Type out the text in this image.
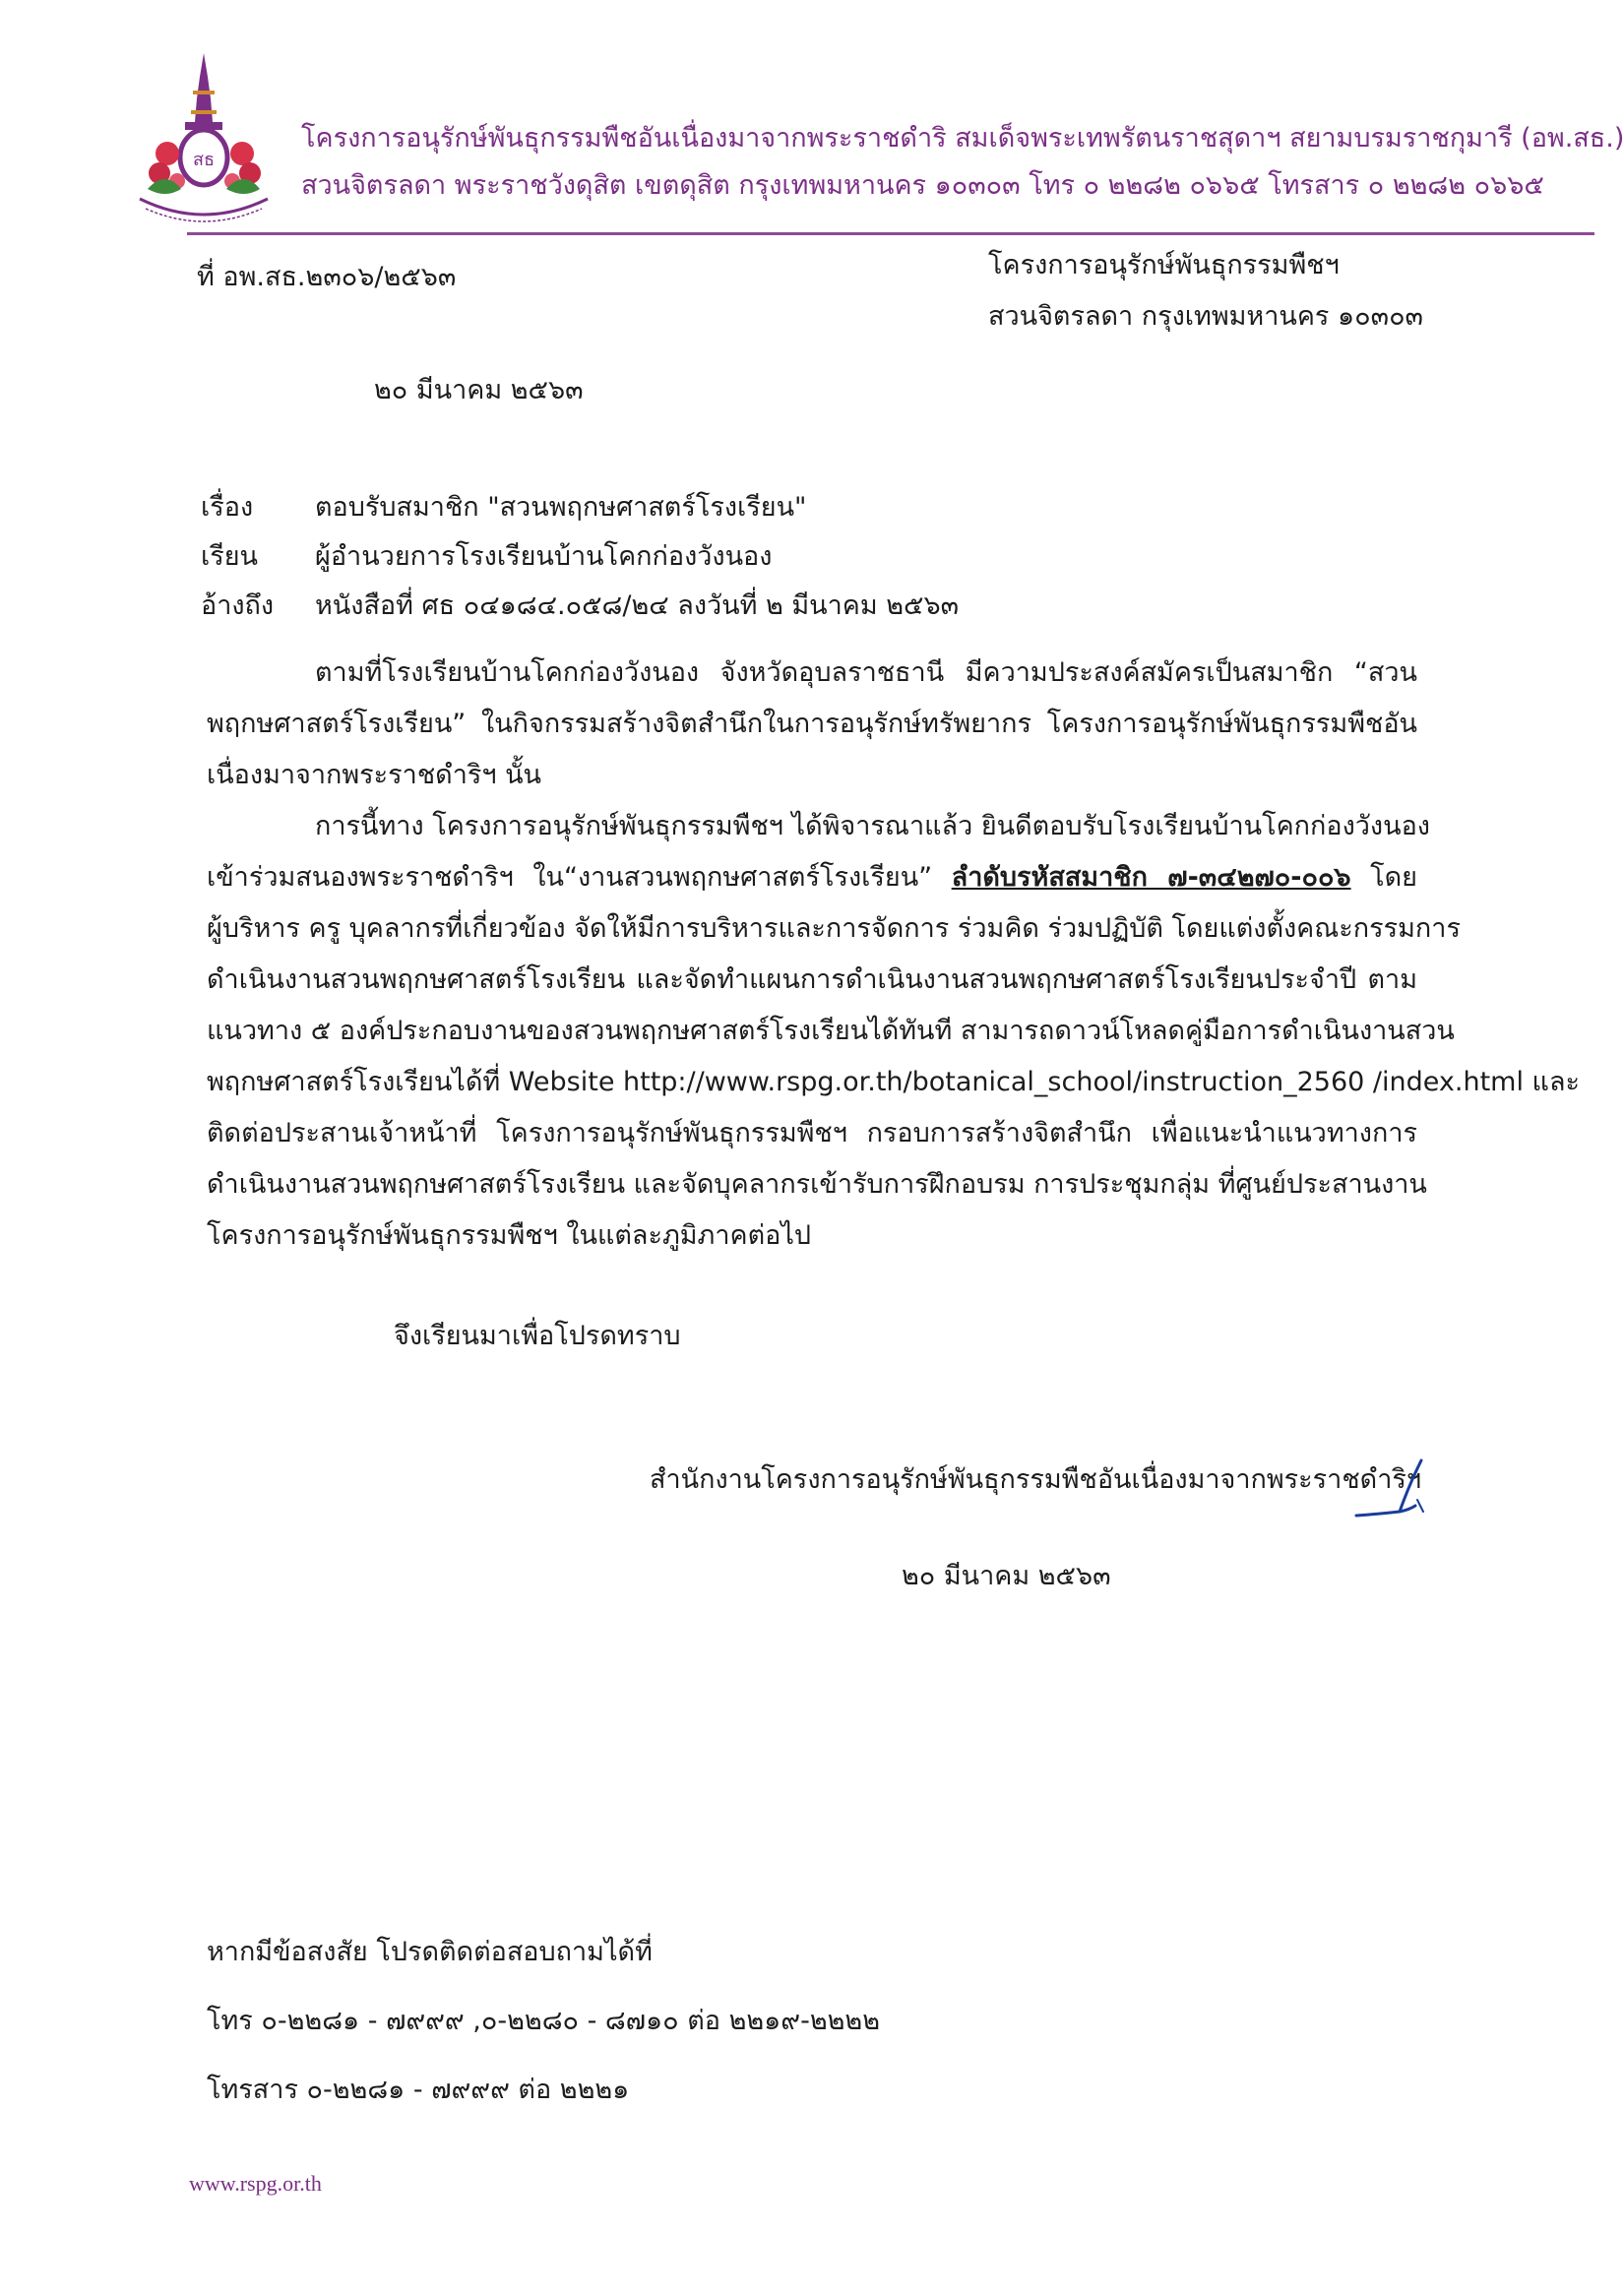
สธ
โครงการอนุรักษ์พันธุกรรมพืชอันเนื่องมาจากพระราชดำริ สมเด็จพระเทพรัตนราชสุดาฯ สยามบรมราชกุมารี (อพ.สธ.)
สวนจิตรลดา พระราชวังดุสิต เขตดุสิต กรุงเทพมหานคร ๑๐๓๐๓ โทร ๐ ๒๒๘๒ ๐๖๖๕ โทรสาร ๐ ๒๒๘๒ ๐๖๖๕
ที่ อพ.สธ.๒๓๐๖/๒๕๖๓	โครงการอนุรักษ์พันธุกรรมพืชฯ
สวนจิตรลดา กรุงเทพมหานคร ๑๐๓๐๓
๒๐ มีนาคม ๒๕๖๓
เรื่อง	ตอบรับสมาชิก "สวนพฤกษศาสตร์โรงเรียน"
เรียน	ผู้อำนวยการโรงเรียนบ้านโคกก่องวังนอง
อ้างถึง	หนังสือที่ ศธ ๐๔๑๘๔.๐๕๘/๒๔ ลงวันที่ ๒ มีนาคม ๒๕๖๓
ตามที่โรงเรียนบ้านโคกก่องวังนอง จังหวัดอุบลราชธานี มีความประสงค์สมัครเป็นสมาชิก “สวน
พฤกษศาสตร์โรงเรียน” ในกิจกรรมสร้างจิตสำนึกในการอนุรักษ์ทรัพยากร โครงการอนุรักษ์พันธุกรรมพืชอัน
เนื่องมาจากพระราชดำริฯ นั้น
การนี้ทาง โครงการอนุรักษ์พันธุกรรมพืชฯ ได้พิจารณาแล้ว ยินดีตอบรับโรงเรียนบ้านโคกก่องวังนอง
เข้าร่วมสนองพระราชดำริฯ ใน“งานสวนพฤกษศาสตร์โรงเรียน” ลำดับรหัสสมาชิก ๗-๓๔๒๗๐-๐๐๖ โดย
ผู้บริหาร ครู บุคลากรที่เกี่ยวข้อง จัดให้มีการบริหารและการจัดการ ร่วมคิด ร่วมปฏิบัติ โดยแต่งตั้งคณะกรรมการ
ดำเนินงานสวนพฤกษศาสตร์โรงเรียน และจัดทำแผนการดำเนินงานสวนพฤกษศาสตร์โรงเรียนประจำปี ตาม
แนวทาง ๕ องค์ประกอบงานของสวนพฤกษศาสตร์โรงเรียนได้ทันที สามารถดาวน์โหลดคู่มือการดำเนินงานสวน
พฤกษศาสตร์โรงเรียนได้ที่ Website http://www.rspg.or.th/botanical_school/instruction_2560 /index.html และ
ติดต่อประสานเจ้าหน้าที่ โครงการอนุรักษ์พันธุกรรมพืชฯ กรอบการสร้างจิตสำนึก เพื่อแนะนำแนวทางการ
ดำเนินงานสวนพฤกษศาสตร์โรงเรียน และจัดบุคลากรเข้ารับการฝึกอบรม การประชุมกลุ่ม ที่ศูนย์ประสานงาน
โครงการอนุรักษ์พันธุกรรมพืชฯ ในแต่ละภูมิภาคต่อไป
จึงเรียนมาเพื่อโปรดทราบ
สำนักงานโครงการอนุรักษ์พันธุกรรมพืชอันเนื่องมาจากพระราชดำริฯ
๒๐ มีนาคม ๒๕๖๓
หากมีข้อสงสัย โปรดติดต่อสอบถามได้ที่
โทร ๐-๒๒๘๑ - ๗๙๙๙ ,๐-๒๒๘๐ - ๘๗๑๐ ต่อ ๒๒๑๙-๒๒๒๒
โทรสาร ๐-๒๒๘๑ - ๗๙๙๙ ต่อ ๒๒๒๑
www.rspg.or.th
